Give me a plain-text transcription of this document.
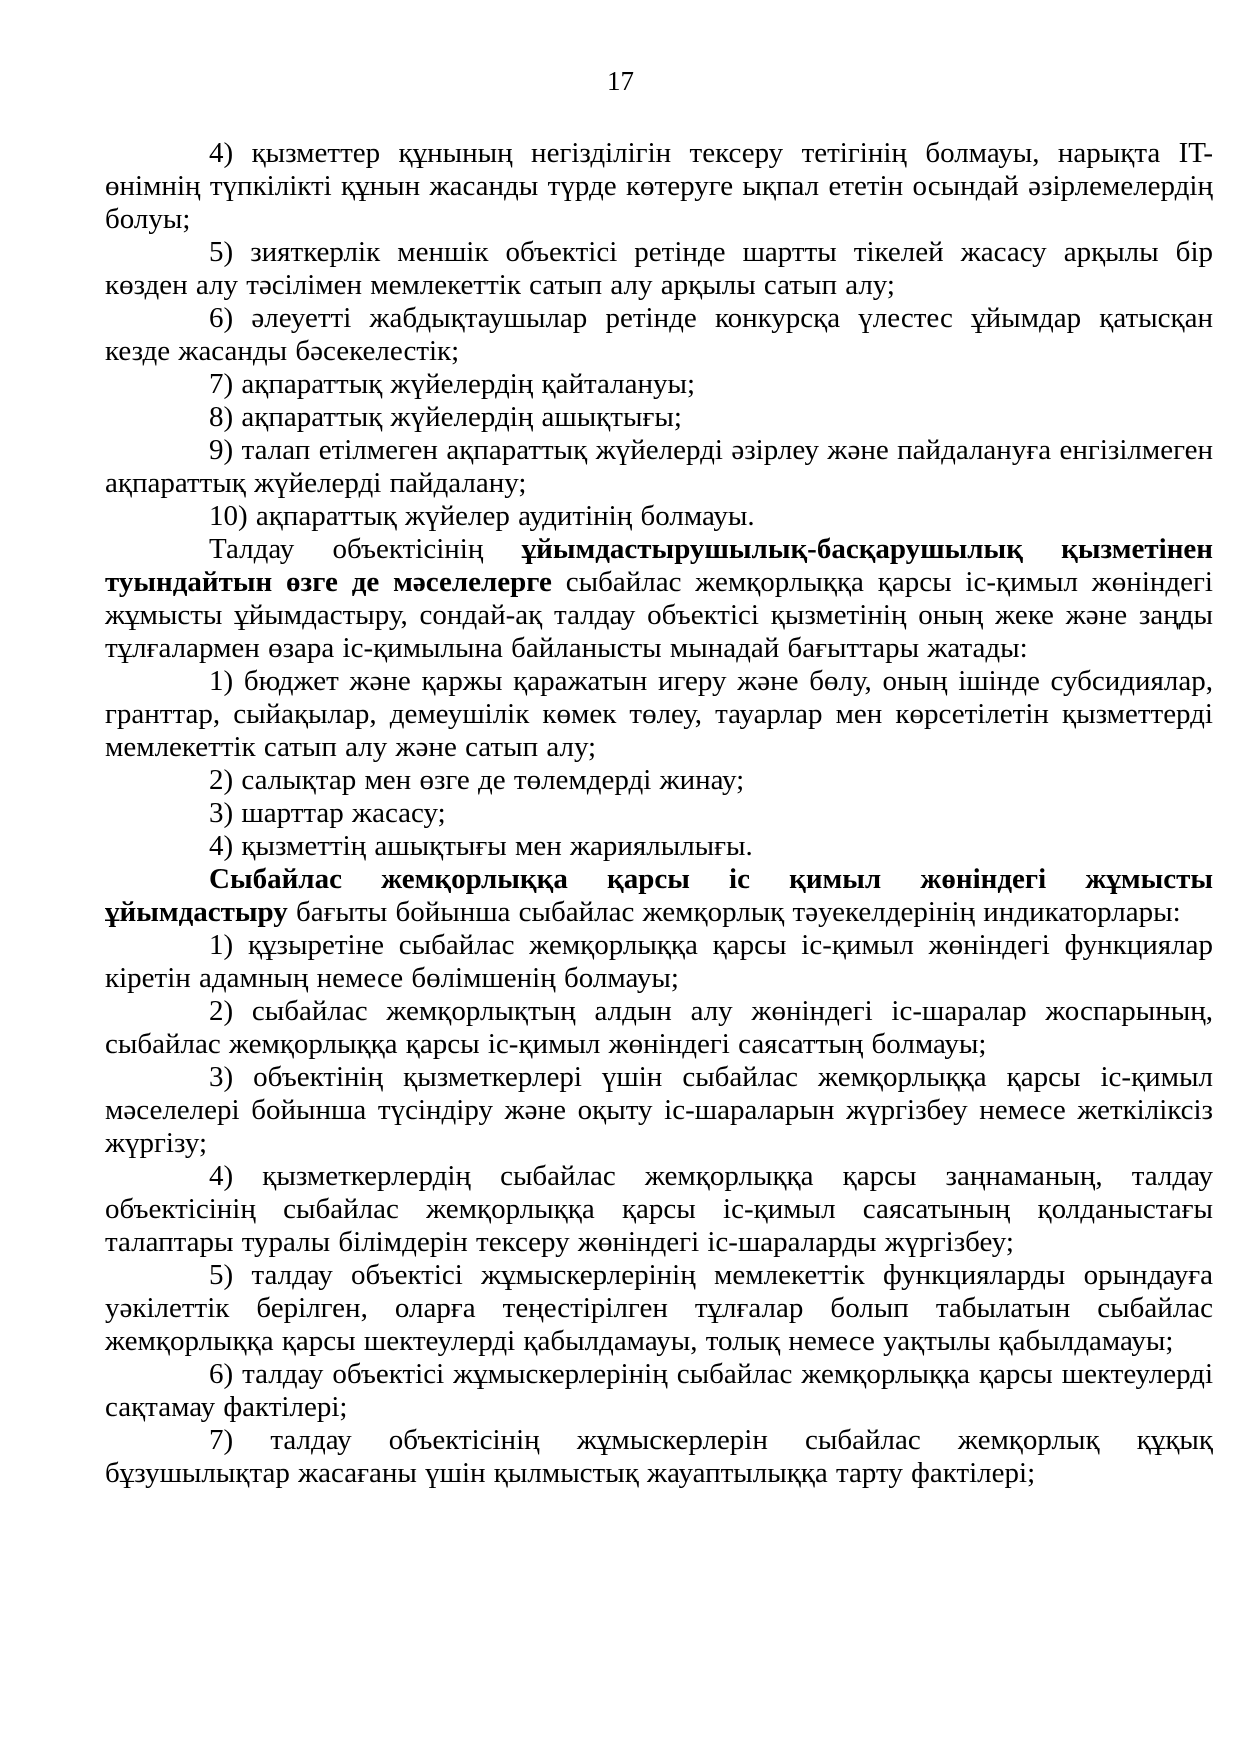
17

4) қызметтер құнының негізділігін тексеру тетігінің болмауы, нарықта IT-өнімнің түпкілікті құнын жасанды түрде көтеруге ықпал ететін осындай әзірлемелердің болуы;

5) зияткерлік меншік объектісі ретінде шартты тікелей жасасу арқылы бір көзден алу тәсілімен мемлекеттік сатып алу арқылы сатып алу;

6) әлеуетті жабдықтаушылар ретінде конкурсқа үлестес ұйымдар қатысқан кезде жасанды бәсекелестік;

7) ақпараттық жүйелердің қайталануы;

8) ақпараттық жүйелердің ашықтығы;

9) талап етілмеген ақпараттық жүйелерді әзірлеу және пайдалануға енгізілмеген ақпараттық жүйелерді пайдалану;

10) ақпараттық жүйелер аудитінің болмауы.

Талдау объектісінің ұйымдастырушылық-басқарушылық қызметінен туындайтын өзге де мәселелерге сыбайлас жемқорлыққа қарсы іс-қимыл жөніндегі жұмысты ұйымдастыру, сондай-ақ талдау объектісі қызметінің оның жеке және заңды тұлғалармен өзара іс-қимылына байланысты мынадай бағыттары жатады:

1) бюджет және қаржы қаражатын игеру және бөлу, оның ішінде субсидиялар, гранттар, сыйақылар, демеушілік көмек төлеу, тауарлар мен көрсетілетін қызметтерді мемлекеттік сатып алу және сатып алу;

2) салықтар мен өзге де төлемдерді жинау;

3) шарттар жасасу;

4) қызметтің ашықтығы мен жариялылығы.

Сыбайлас жемқорлыққа қарсы іс қимыл жөніндегі жұмысты ұйымдастыру бағыты бойынша сыбайлас жемқорлық тәуекелдерінің индикаторлары:

1) құзыретіне сыбайлас жемқорлыққа қарсы іс-қимыл жөніндегі функциялар кіретін адамның немесе бөлімшенің болмауы;

2) сыбайлас жемқорлықтың алдын алу жөніндегі іс-шаралар жоспарының, сыбайлас жемқорлыққа қарсы іс-қимыл жөніндегі саясаттың болмауы;

3) объектінің қызметкерлері үшін сыбайлас жемқорлыққа қарсы іс-қимыл мәселелері бойынша түсіндіру және оқыту іс-шараларын жүргізбеу немесе жеткіліксіз жүргізу;

4) қызметкерлердің сыбайлас жемқорлыққа қарсы заңнаманың, талдау объектісінің сыбайлас жемқорлыққа қарсы іс-қимыл саясатының қолданыстағы талаптары туралы білімдерін тексеру жөніндегі іс-шараларды жүргізбеу;

5) талдау объектісі жұмыскерлерінің мемлекеттік функцияларды орындауға уәкілеттік берілген, оларға теңестірілген тұлғалар болып табылатын сыбайлас жемқорлыққа қарсы шектеулерді қабылдамауы, толық немесе уақтылы қабылдамауы;

6) талдау объектісі жұмыскерлерінің сыбайлас жемқорлыққа қарсы шектеулерді сақтамау фактілері;

7) талдау объектісінің жұмыскерлерін сыбайлас жемқорлық құқық бұзушылықтар жасағаны үшін қылмыстық жауаптылыққа тарту фактілері;
